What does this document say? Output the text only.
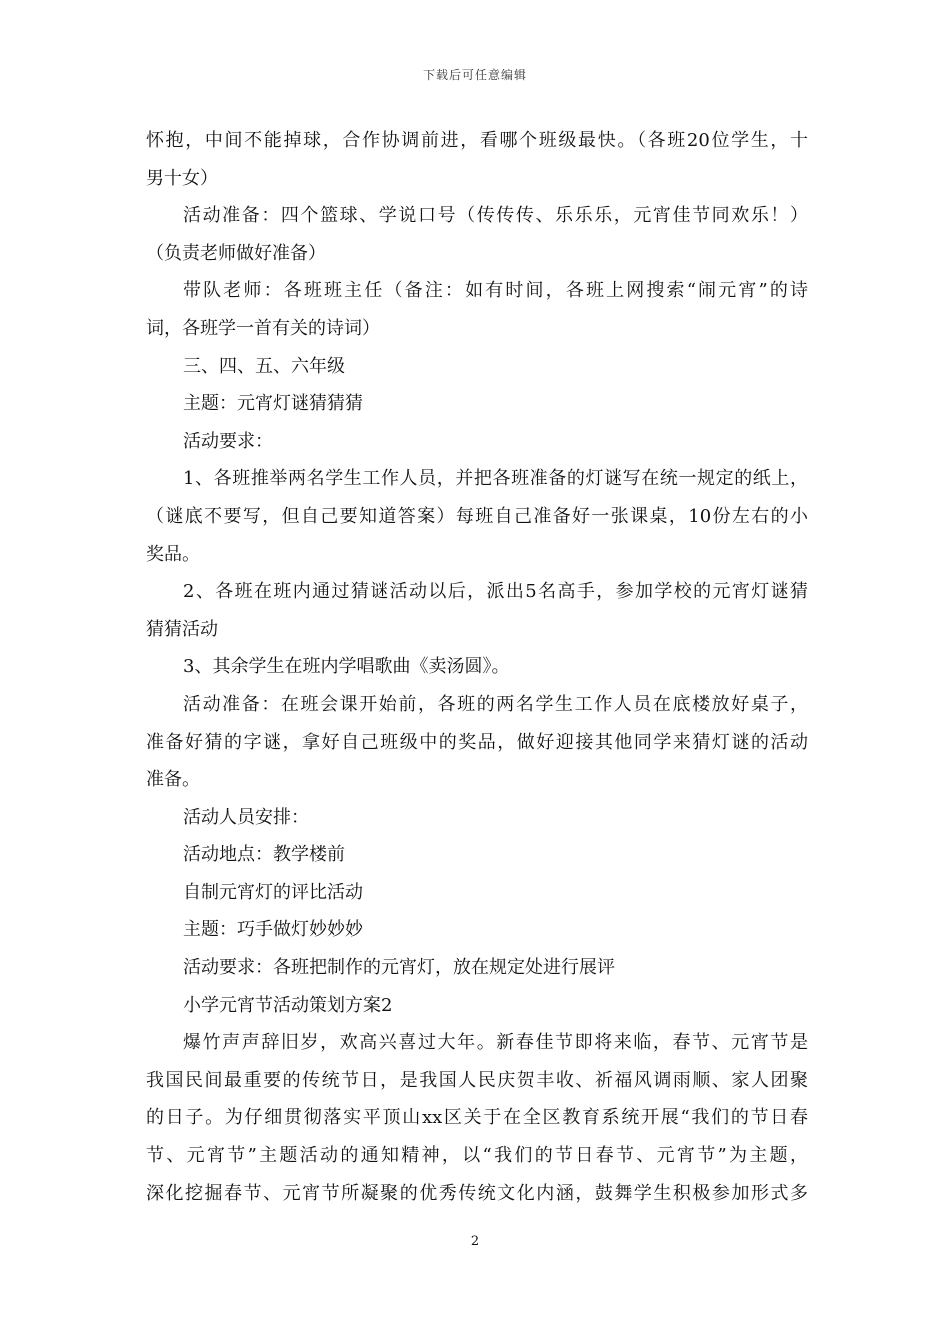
下载后可任意编辑
怀抱，中间不能掉球，合作协调前进，看哪个班级最快。（各班20位学生，十
男十女）
活动准备：四个篮球、学说口号（传传传、乐乐乐，元宵佳节同欢乐！）
（负责老师做好准备）
带队老师：各班班主任（备注：如有时间，各班上网搜索“闹元宵”的诗
词，各班学一首有关的诗词）
三、四、五、六年级
主题：元宵灯谜猜猜猜
活动要求：
1、各班推举两名学生工作人员，并把各班准备的灯谜写在统一规定的纸上，
（谜底不要写，但自己要知道答案）每班自己准备好一张课桌，10份左右的小
奖品。
2、各班在班内通过猜谜活动以后，派出5名高手，参加学校的元宵灯谜猜
猜猜活动
3、其余学生在班内学唱歌曲《卖汤圆》。
活动准备：在班会课开始前，各班的两名学生工作人员在底楼放好桌子，
准备好猜的字谜，拿好自己班级中的奖品，做好迎接其他同学来猜灯谜的活动
准备。
活动人员安排：
活动地点：教学楼前
自制元宵灯的评比活动
主题：巧手做灯妙妙妙
活动要求：各班把制作的元宵灯，放在规定处进行展评
小学元宵节活动策划方案2
爆竹声声辞旧岁，欢高兴喜过大年。新春佳节即将来临，春节、元宵节是
我国民间最重要的传统节日，是我国人民庆贺丰收、祈福风调雨顺、家人团聚
的日子。为仔细贯彻落实平顶山xx区关于在全区教育系统开展“我们的节日春
节、元宵节”主题活动的通知精神，以“我们的节日春节、元宵节”为主题，
深化挖掘春节、元宵节所凝聚的优秀传统文化内涵，鼓舞学生积极参加形式多
2
